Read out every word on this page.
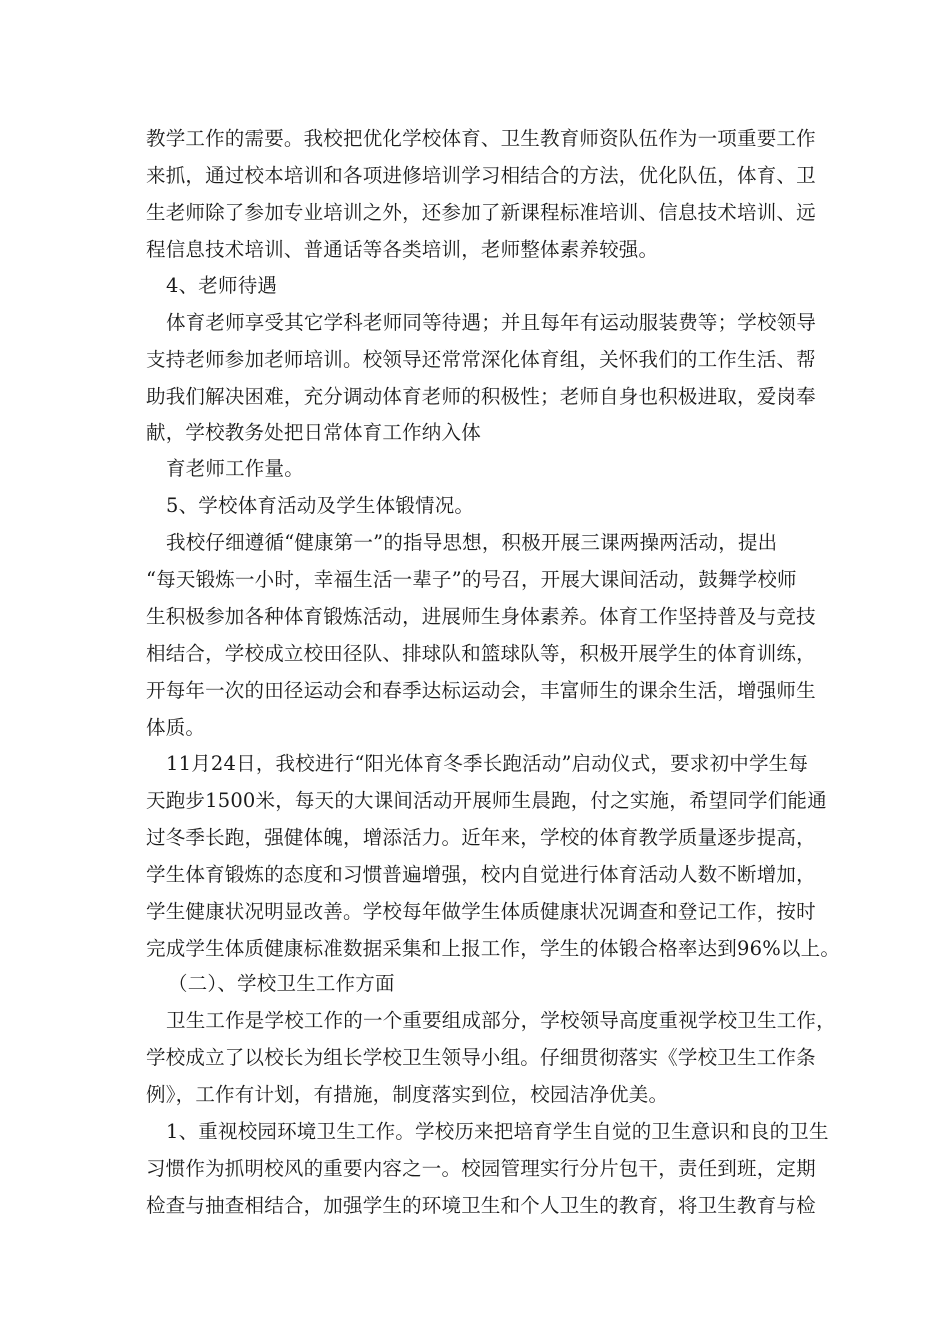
教学工作的需要。我校把优化学校体育、卫生教育师资队伍作为一项重要工作
来抓，通过校本培训和各项进修培训学习相结合的方法，优化队伍，体育、卫
生老师除了参加专业培训之外，还参加了新课程标准培训、信息技术培训、远
程信息技术培训、普通话等各类培训，老师整体素养较强。
4、老师待遇
体育老师享受其它学科老师同等待遇；并且每年有运动服装费等；学校领导
支持老师参加老师培训。校领导还常常深化体育组，关怀我们的工作生活、帮
助我们解决困难，充分调动体育老师的积极性；老师自身也积极进取，爱岗奉
献，学校教务处把日常体育工作纳入体
育老师工作量。
5、学校体育活动及学生体锻情况。
我校仔细遵循“健康第一”的指导思想，积极开展三课两操两活动，提出
“每天锻炼一小时，幸福生活一辈子”的号召，开展大课间活动，鼓舞学校师
生积极参加各种体育锻炼活动，进展师生身体素养。体育工作坚持普及与竞技
相结合，学校成立校田径队、排球队和篮球队等，积极开展学生的体育训练，
开每年一次的田径运动会和春季达标运动会，丰富师生的课余生活，增强师生
体质。
11月24日，我校进行“阳光体育冬季长跑活动”启动仪式，要求初中学生每
天跑步1500米，每天的大课间活动开展师生晨跑，付之实施，希望同学们能通
过冬季长跑，强健体魄，增添活力。近年来，学校的体育教学质量逐步提高，
学生体育锻炼的态度和习惯普遍增强，校内自觉进行体育活动人数不断增加，
学生健康状况明显改善。学校每年做学生体质健康状况调查和登记工作，按时
完成学生体质健康标准数据采集和上报工作，学生的体锻合格率达到96%以上。
（二）、学校卫生工作方面
卫生工作是学校工作的一个重要组成部分，学校领导高度重视学校卫生工作，
学校成立了以校长为组长学校卫生领导小组。仔细贯彻落实《学校卫生工作条
例》，工作有计划，有措施，制度落实到位，校园洁净优美。
1、重视校园环境卫生工作。学校历来把培育学生自觉的卫生意识和良的卫生
习惯作为抓明校风的重要内容之一。校园管理实行分片包干，责任到班，定期
检查与抽查相结合，加强学生的环境卫生和个人卫生的教育，将卫生教育与检
